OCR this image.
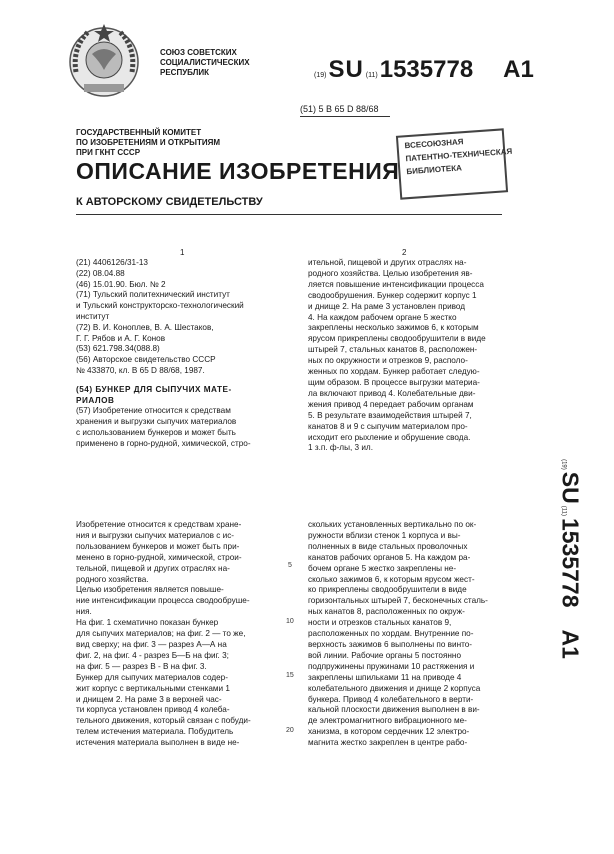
СОЮЗ СОВЕТСКИХ
СОЦИАЛИСТИЧЕСКИХ
РЕСПУБЛИК	(19) SU (11) 1535778 A1
(51) 5 В 65 D 88/68
ГОСУДАРСТВЕННЫЙ КОМИТЕТ
ПО ИЗОБРЕТЕНИЯМ И ОТКРЫТИЯМ
ПРИ ГКНТ СССР
ВСЕСОЮЗНАЯ
ПАТЕНТНО-ТЕХНИЧЕСКАЯ
БИБЛИОТЕКА
ОПИСАНИЕ ИЗОБРЕТЕНИЯ
К АВТОРСКОМУ СВИДЕТЕЛЬСТВУ
1	2
(21) 4406126/31-13
(22) 08.04.88
(46) 15.01.90. Бюл. № 2
(71) Тульский политехнический институт
и Тульский конструкторско-технологический
институт
(72) В. И. Коноплев, В. А. Шестаков,
Г. Г. Рябов и А. Г. Конов
(53) 621.798.34(088.8)
(56) Авторское свидетельство СССР
№ 433870, кл. В 65 D 88/68, 1987.
(54) БУНКЕР ДЛЯ СЫПУЧИХ МАТЕ-
РИАЛОВ
(57) Изобретение относится к средствам
хранения и выгрузки сыпучих материалов
с использованием бункеров и может быть
применено в горно-рудной, химической, стро-
ительной, пищевой и других отраслях на-
родного хозяйства. Целью изобретения яв-
ляется повышение интенсификации процесса
сводообрушения. Бункер содержит корпус 1
и днище 2. На раме 3 установлен привод
4. На каждом рабочем органе 5 жестко
закреплены несколько зажимов 6, к которым
ярусом прикреплены сводообрушители в виде
штырей 7, стальных канатов 8, расположен-
ных по окружности и отрезков 9, располо-
женных по хордам. Бункер работает следую-
щим образом. В процессе выгрузки материа-
ла включают привод 4. Колебательные дви-
жения привод 4 передает рабочим органам
5. В результате взаимодействия штырей 7,
канатов 8 и 9 с сыпучим материалом про-
исходит его рыхление и обрушение свода.
1 з.п. ф-лы, 3 ил.
Изобретение относится к средствам хране-
ния и выгрузки сыпучих материалов с ис-
пользованием бункеров и может быть при-
менено в горно-рудной, химической, строи-
тельной, пищевой и других отраслях на-
родного хозяйства.
Целью изобретения является повыше-
ние интенсификации процесса сводообруше-
ния.
На фиг. 1 схематично показан бункер
для сыпучих материалов; на фиг. 2 — то же,
вид сверху; на фиг. 3 — разрез А—А на
фиг. 2, на фиг. 4 - разрез Б—Б на фиг. 3;
на фиг. 5 — разрез В - В на фиг. 3.
Бункер для сыпучих материалов содер-
жит корпус с вертикальными стенками 1
и днищем 2. На раме 3 в верхней час-
ти корпуса установлен привод 4 колеба-
тельного движения, который связан с побуди-
телем истечения материала. Побудитель
истечения материала выполнен в виде не-
5
10
15
20
скольких установленных вертикально по ок-
ружности вблизи стенок 1 корпуса и вы-
полненных в виде стальных проволочных
канатов рабочих органов 5. На каждом ра-
бочем органе 5 жестко закреплены не-
сколько зажимов 6, к которым ярусом жест-
ко прикреплены сводообрушители в виде
горизонтальных штырей 7, бесконечных сталь-
ных канатов 8, расположенных по окруж-
ности и отрезков стальных канатов 9,
расположенных по хордам. Внутренние по-
верхность зажимов 6 выполнены по винто-
вой линии. Рабочие органы 5 постоянно
подпружинены пружинами 10 растяжения и
закреплены шпильками 11 на приводе 4
колебательного движения и днище 2 корпуса
бункера. Привод 4 колебательного в верти-
кальной плоскости движения выполнен в ви-
де электромагнитного вибрационного ме-
ханизма, в котором сердечник 12 электро-
магнита жестко закреплен в центре рабо-
(19)
SU
(11)
1535778
A1
